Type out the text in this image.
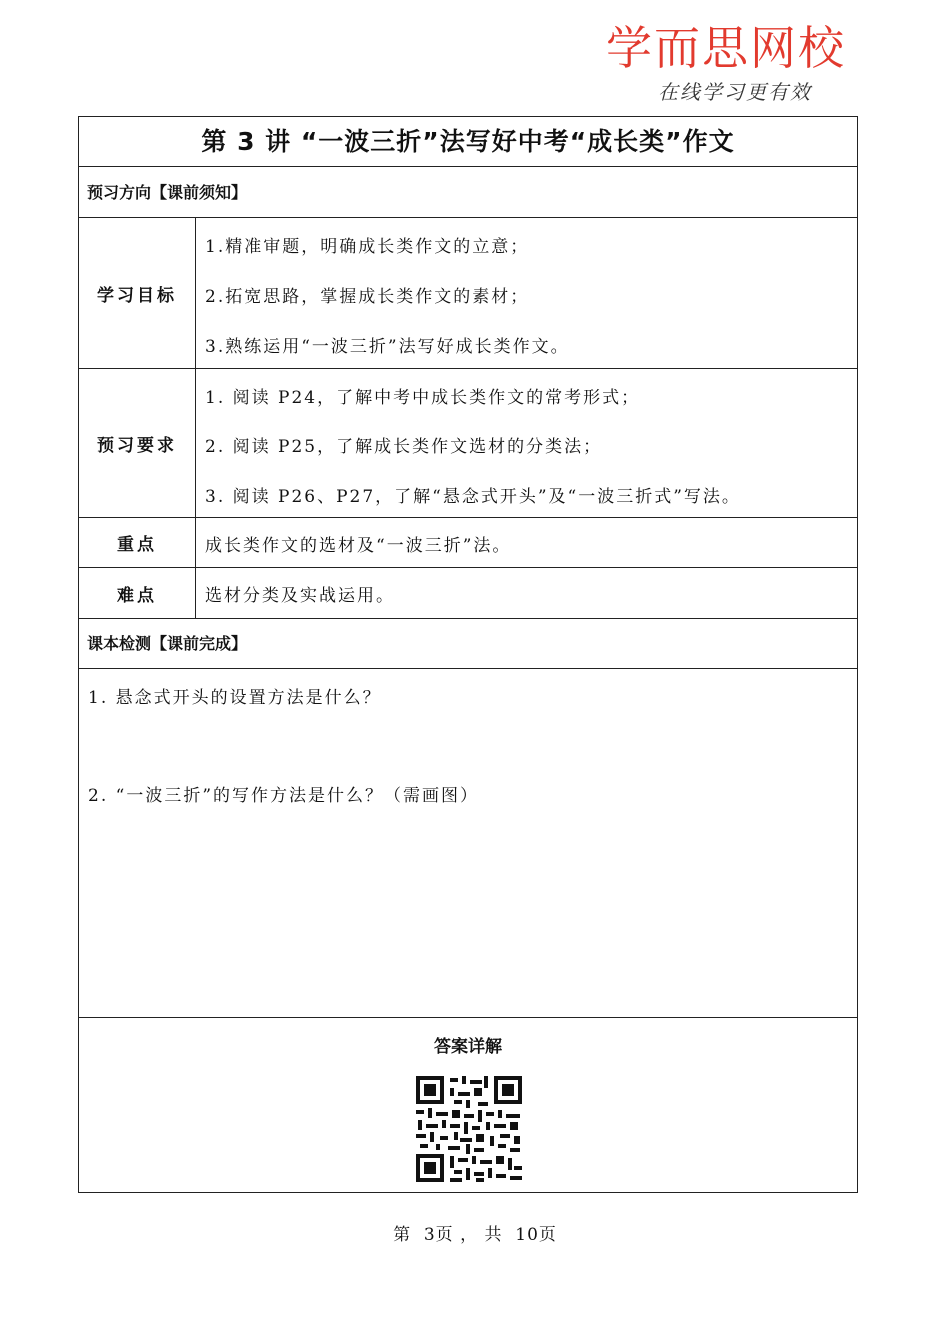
学而思网校
在线学习更有效
第 3 讲 “一波三折”法写好中考“成长类”作文
预习方向【课前须知】
学习目标
1.精准审题，明确成长类作文的立意；
2.拓宽思路，掌握成长类作文的素材；
3.熟练运用“一波三折”法写好成长类作文。
预习要求
1. 阅读 P24，了解中考中成长类作文的常考形式；
2. 阅读 P25，了解成长类作文选材的分类法；
3. 阅读 P26、P27，了解“悬念式开头”及“一波三折式”写法。
重点	成长类作文的选材及“一波三折”法。
难点	选材分类及实战运用。
课本检测【课前完成】
1. 悬念式开头的设置方法是什么？
2. “一波三折”的写作方法是什么？（需画图）
答案详解
第  3页 ， 共  10页
